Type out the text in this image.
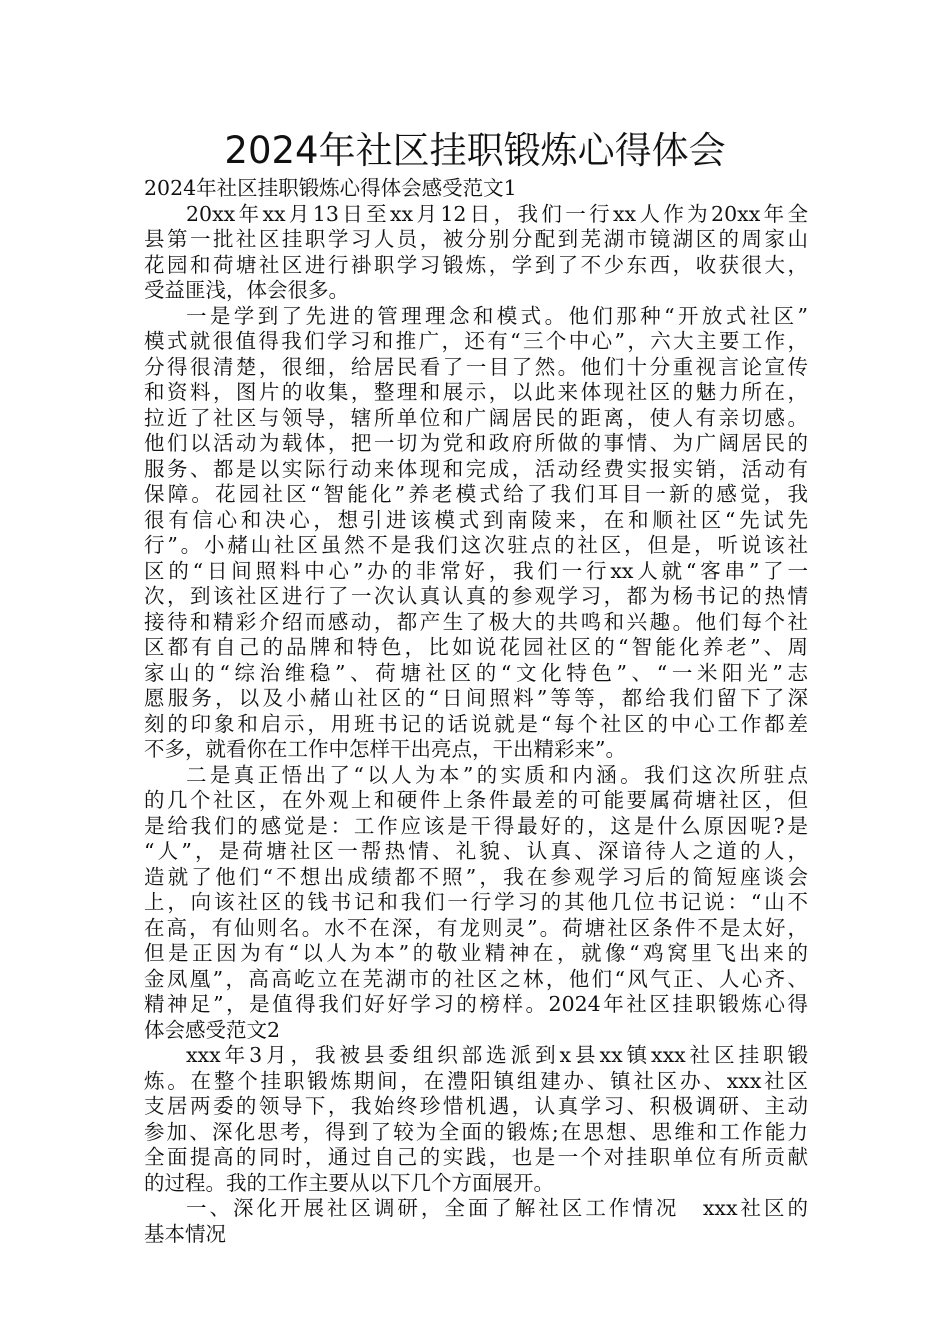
2024年社区挂职锻炼心得体会
2024年社区挂职锻炼心得体会感受范文1
20xx年xx月13日至xx月12日，我们一行xx人作为20xx年全
县第一批社区挂职学习人员，被分别分配到芜湖市镜湖区的周家山
花园和荷塘社区进行褂职学习锻炼，学到了不少东西，收获很大，
受益匪浅，体会很多。
一是学到了先进的管理理念和模式。他们那种“开放式社区”
模式就很值得我们学习和推广，还有“三个中心”，六大主要工作，
分得很清楚，很细，给居民看了一目了然。他们十分重视言论宣传
和资料，图片的收集，整理和展示，以此来体现社区的魅力所在，
拉近了社区与领导，辖所单位和广阔居民的距离，使人有亲切感。
他们以活动为载体，把一切为党和政府所做的事情、为广阔居民的
服务、都是以实际行动来体现和完成，活动经费实报实销，活动有
保障。花园社区“智能化”养老模式给了我们耳目一新的感觉，我
很有信心和决心，想引进该模式到南陵来，在和顺社区“先试先
行”。小赭山社区虽然不是我们这次驻点的社区，但是，听说该社
区的“日间照料中心”办的非常好，我们一行xx人就“客串”了一
次，到该社区进行了一次认真认真的参观学习，都为杨书记的热情
接待和精彩介绍而感动，都产生了极大的共鸣和兴趣。他们每个社
区都有自己的品牌和特色，比如说花园社区的“智能化养老”、周
家山的“综治维稳”、荷塘社区的“文化特色”、“一米阳光”志
愿服务，以及小赭山社区的“日间照料”等等，都给我们留下了深
刻的印象和启示，用班书记的话说就是“每个社区的中心工作都差
不多，就看你在工作中怎样干出亮点，干出精彩来”。
二是真正悟出了“以人为本”的实质和内涵。我们这次所驻点
的几个社区，在外观上和硬件上条件最差的可能要属荷塘社区，但
是给我们的感觉是：工作应该是干得最好的，这是什么原因呢?是
“人”，是荷塘社区一帮热情、礼貌、认真、深谙待人之道的人，
造就了他们“不想出成绩都不照”，我在参观学习后的简短座谈会
上，向该社区的钱书记和我们一行学习的其他几位书记说：“山不
在高，有仙则名。水不在深，有龙则灵”。荷塘社区条件不是太好，
但是正因为有“以人为本”的敬业精神在，就像“鸡窝里飞出来的
金凤凰”，高高屹立在芜湖市的社区之林，他们“风气正、人心齐、
精神足”，是值得我们好好学习的榜样。2024年社区挂职锻炼心得
体会感受范文2
xxx年3月，我被县委组织部选派到x县xx镇xxx社区挂职锻
炼。在整个挂职锻炼期间，在澧阳镇组建办、镇社区办、xxx社区
支居两委的领导下，我始终珍惜机遇，认真学习、积极调研、主动
参加、深化思考，得到了较为全面的锻炼;在思想、思维和工作能力
全面提高的同时，通过自己的实践，也是一个对挂职单位有所贡献
的过程。我的工作主要从以下几个方面展开。
一、深化开展社区调研，全面了解社区工作情况　xxx社区的
基本情况
